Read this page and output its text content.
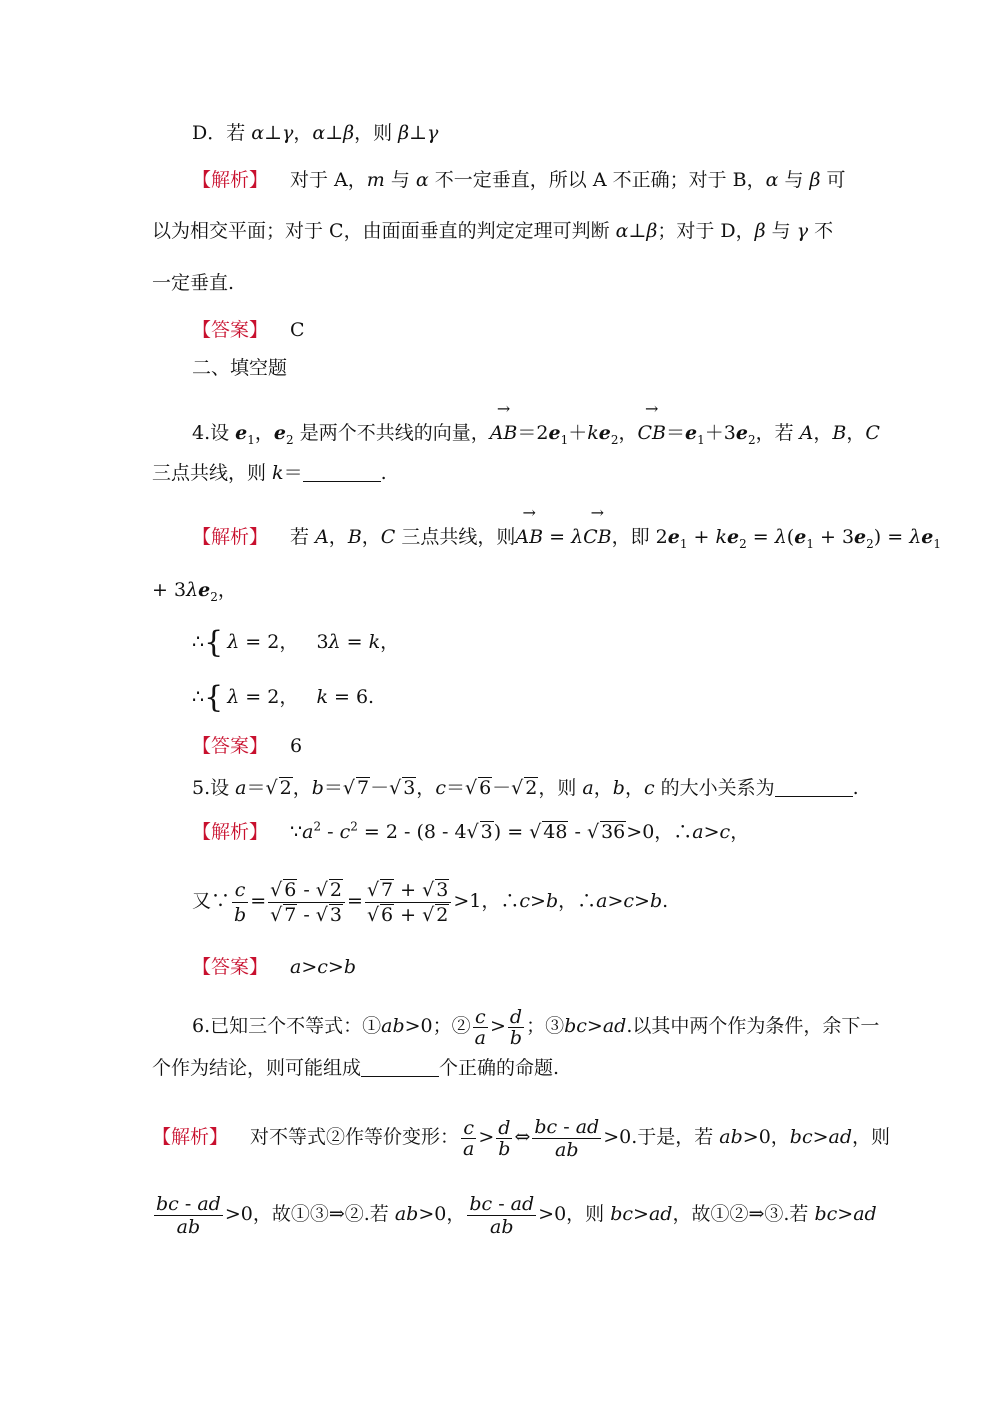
D．若 α⊥γ，α⊥β，则 β⊥γ
【解析】 对于 A，m 与 α 不一定垂直，所以 A 不正确；对于 B，α 与 β 可
以为相交平面；对于 C，由面面垂直的判定定理可判断 α⊥β；对于 D，β 与 γ 不
一定垂直.
【答案】 C
二、填空题
4.设 $e_1$，$e_2$ 是两个不共线的向量，
→
$AB=2e_1+ke_2$，
→
$CB=e_1+3e_2$，若 A，B，C
三点共线，则 k＝	.
【解析】 若 A，B，C 三点共线，则
→
AB = λ
→
CB，即 $2e_1 + ke_2 = \lambda(e_1 + 3e_2) = \lambda e_1$
+ $3\lambda e_2$，
∴{ λ = 2，   3λ = k，
∴{ λ = 2，   k = 6.
【答案】 6
5.设 a＝√ 2，b＝√ 7－√ 3，c＝√ 6－√ 2，则 a，b，c 的大小关系为	.
【解析】 $\because a^2 - c^2 = 2 - (8 - 4√$ 3) = √ 48 - √ 36>0，∴a>c，
又∵ $\frac{c}{b} = \frac{√ 6 - √ 2}{√ 7 - √ 3} = \frac{√ 7 + √ 3}{√ 6 + √ 2} >1$，∴c>b，∴a>c>b.
【答案】 a>c>b
6.已知三个不等式：①ab>0；② $\frac{c}{a} > \frac{d}{b}$ ；③bc>ad.以其中两个作为条件，余下一
个作为结论，则可能组成	个正确的命题.
【解析】 对不等式②作等价变形： $\frac{c}{a} > \frac{d}{b}$ ⇔ $\frac{bc - ad}{ab} >0$.于是，若 ab>0，bc>ad，则
$\frac{bc - ad}{ab} >0$，故①③⇒②.若 ab>0， $\frac{bc - ad}{ab} >0$，则 bc>ad，故①②⇒③.若 bc>ad
